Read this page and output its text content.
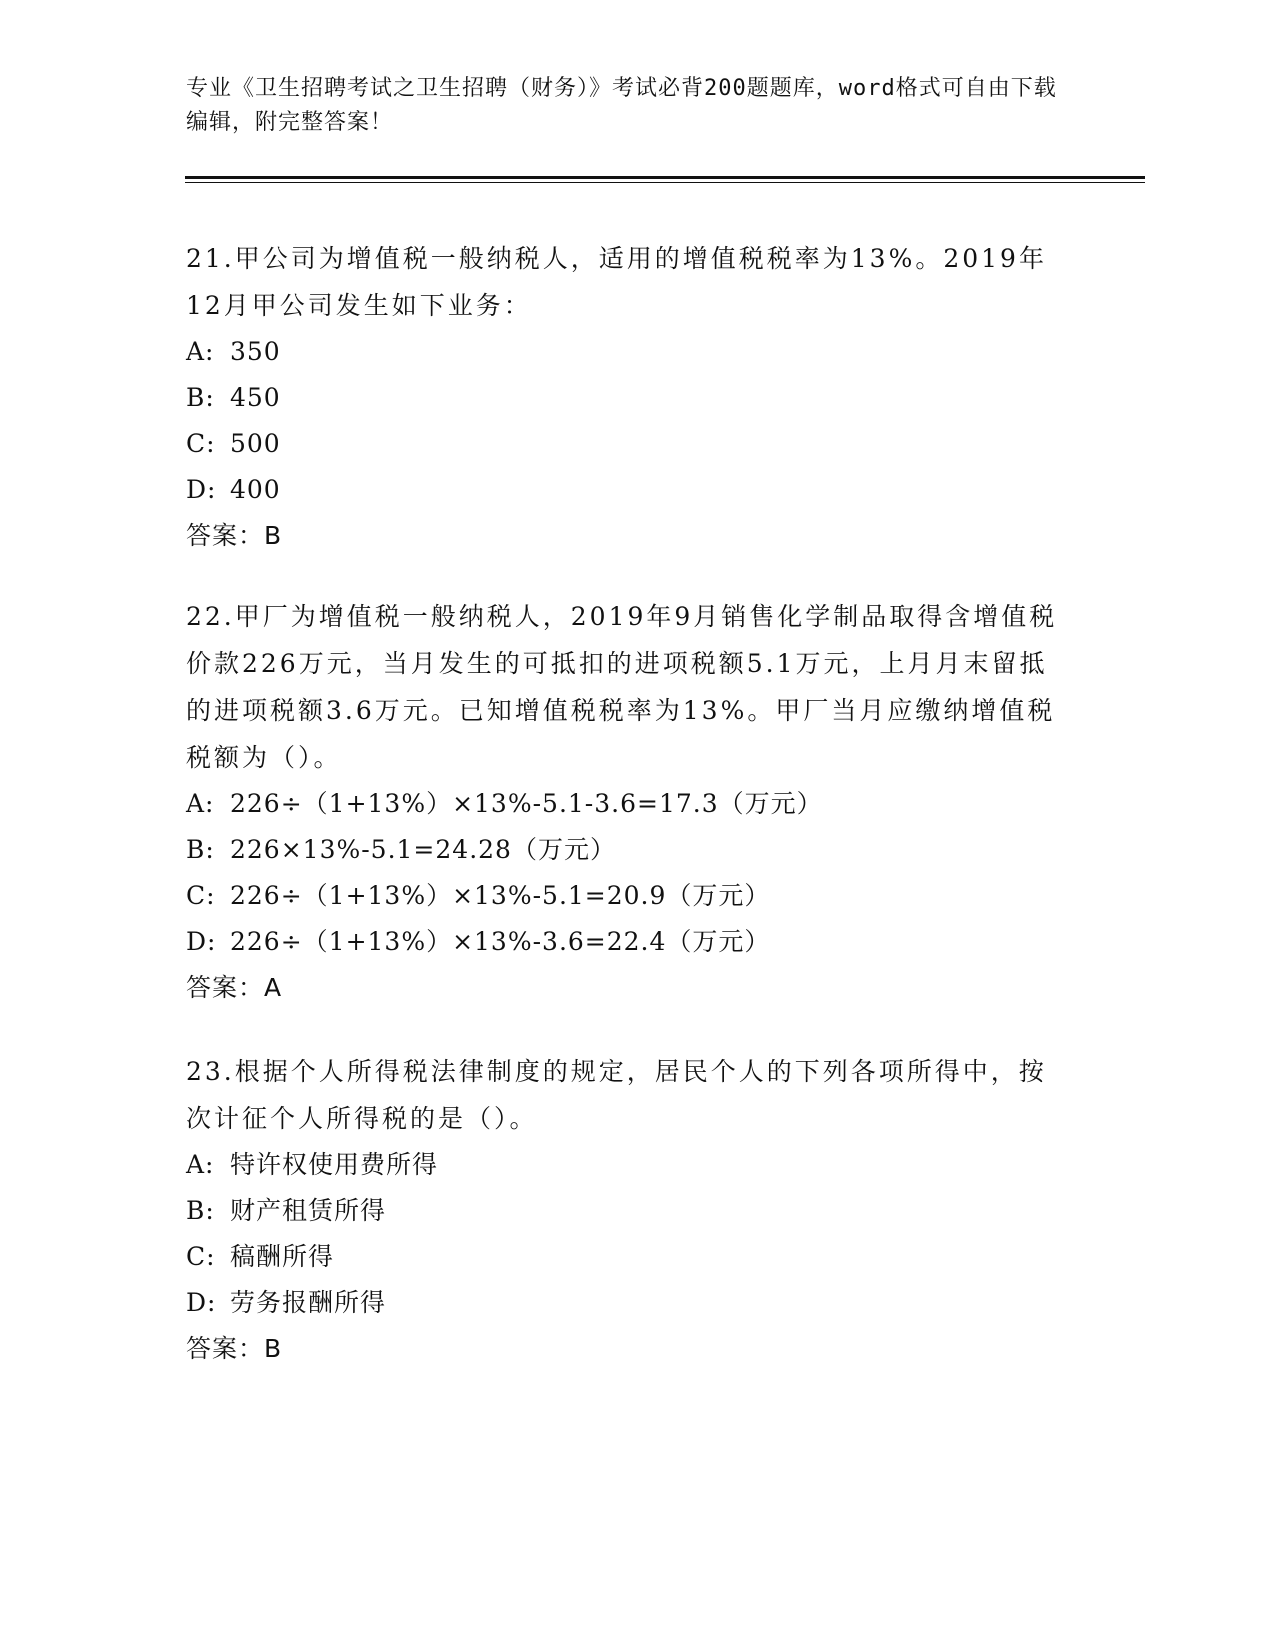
专业《卫生招聘考试之卫生招聘（财务）》考试必背200题题库，word格式可自由下载编辑，附完整答案！

21.甲公司为增值税一般纳税人，适用的增值税税率为13%。2019年12月甲公司发生如下业务：

A: 350

B: 450

C: 500

D: 400

答案：B

22.甲厂为增值税一般纳税人，2019年9月销售化学制品取得含增值税价款226万元，当月发生的可抵扣的进项税额5.1万元，上月月末留抵的进项税额3.6万元。已知增值税税率为13%。甲厂当月应缴纳增值税税额为（）。

A: 226÷（1+13%）×13%-5.1-3.6=17.3（万元）

B: 226×13%-5.1=24.28（万元）

C: 226÷（1+13%）×13%-5.1=20.9（万元）

D: 226÷（1+13%）×13%-3.6=22.4（万元）

答案：A

23.根据个人所得税法律制度的规定，居民个人的下列各项所得中，按次计征个人所得税的是（）。

A: 特许权使用费所得

B: 财产租赁所得

C: 稿酬所得

D: 劳务报酬所得

答案：B
